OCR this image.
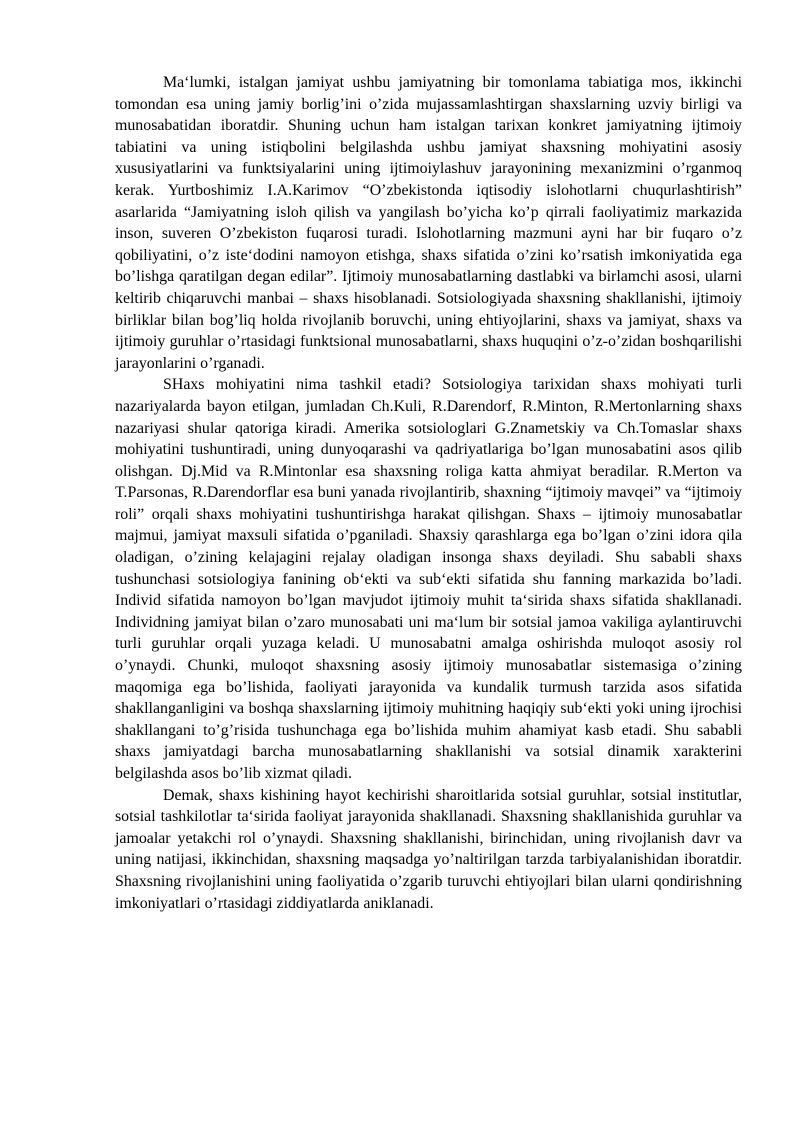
Ma‘lumki, istalgan jamiyat ushbu jamiyatning bir tomonlama tabiatiga mos, ikkinchi tomondan esa uning jamiy borlig’ini o’zida mujassamlashtirgan shaxslarning uzviy birligi va munosabatidan iboratdir. Shuning uchun ham istalgan tarixan konkret jamiyatning ijtimoiy tabiatini va uning istiqbolini belgilashda ushbu jamiyat shaxsning mohiyatini asosiy xususiyatlarini va funktsiyalarini uning ijtimoiylashuv jarayonining mexanizmini o’rganmoq kerak. Yurtboshimiz I.A.Karimov “O’zbekistonda iqtisodiy islohotlarni chuqurlashtirish” asarlarida “Jamiyatning isloh qilish va yangilash bo’yicha ko’p qirrali faoliyatimiz markazida inson, suveren O’zbekiston fuqarosi turadi. Islohotlarning mazmuni ayni har bir fuqaro o’z qobiliyatini, o’z iste‘dodini namoyon etishga, shaxs sifatida o’zini ko’rsatish imkoniyatida ega bo’lishga qaratilgan degan edilar”. Ijtimoiy munosabatlarning dastlabki va birlamchi asosi, ularni keltirib chiqaruvchi manbai – shaxs hisoblanadi. Sotsiologiyada shaxsning shakllanishi, ijtimoiy birliklar bilan bog’liq holda rivojlanib boruvchi, uning ehtiyojlarini, shaxs va jamiyat, shaxs va ijtimoiy guruhlar o’rtasidagi funktsional munosabatlarni, shaxs huquqini o’z-o’zidan boshqarilishi jarayonlarini o’rganadi.

SHaxs mohiyatini nima tashkil etadi? Sotsiologiya tarixidan shaxs mohiyati turli nazariyalarda bayon etilgan, jumladan Ch.Kuli, R.Darendorf, R.Minton, R.Mertonlarning shaxs nazariyasi shular qatoriga kiradi. Amerika sotsiologlari G.Znametskiy va Ch.Tomaslar shaxs mohiyatini tushuntiradi, uning dunyoqarashi va qadriyatlariga bo’lgan munosabatini asos qilib olishgan. Dj.Mid va R.Mintonlar esa shaxsning roliga katta ahmiyat beradilar. R.Merton va T.Parsonas, R.Darendorflar esa buni yanada rivojlantirib, shaxning “ijtimoiy mavqei” va “ijtimoiy roli” orqali shaxs mohiyatini tushuntirishga harakat qilishgan. Shaxs – ijtimoiy munosabatlar majmui, jamiyat maxsuli sifatida o’pganiladi. Shaxsiy qarashlarga ega bo’lgan o’zini idora qila oladigan, o’zining kelajagini rejalay oladigan insonga shaxs deyiladi. Shu sababli shaxs tushunchasi sotsiologiya fanining ob‘ekti va sub‘ekti sifatida shu fanning markazida bo’ladi. Individ sifatida namoyon bo’lgan mavjudot ijtimoiy muhit ta‘sirida shaxs sifatida shakllanadi. Individning jamiyat bilan o’zaro munosabati uni ma‘lum bir sotsial jamoa vakiliga aylantiruvchi turli guruhlar orqali yuzaga keladi. U munosabatni amalga oshirishda muloqot asosiy rol o’ynaydi. Chunki, muloqot shaxsning asosiy ijtimoiy munosabatlar sistemasiga o’zining maqomiga ega bo’lishida, faoliyati jarayonida va kundalik turmush tarzida asos sifatida shakllanganligini va boshqa shaxslarning ijtimoiy muhitning haqiqiy sub‘ekti yoki uning ijrochisi shakllangani to’g’risida tushunchaga ega bo’lishida muhim ahamiyat kasb etadi. Shu sababli shaxs jamiyatdagi barcha munosabatlarning shakllanishi va sotsial dinamik xarakterini belgilashda asos bo’lib xizmat qiladi.

Demak, shaxs kishining hayot kechirishi sharoitlarida sotsial guruhlar, sotsial institutlar, sotsial tashkilotlar ta‘sirida faoliyat jarayonida shakllanadi. Shaxsning shakllanishida guruhlar va jamoalar yetakchi rol o’ynaydi. Shaxsning shakllanishi, birinchidan, uning rivojlanish davr va uning natijasi, ikkinchidan, shaxsning maqsadga yo’naltirilgan tarzda tarbiyalanishidan iboratdir. Shaxsning rivojlanishini uning faoliyatida o’zgarib turuvchi ehtiyojlari bilan ularni qondirishning imkoniyatlari o’rtasidagi ziddiyatlarda aniklanadi.
